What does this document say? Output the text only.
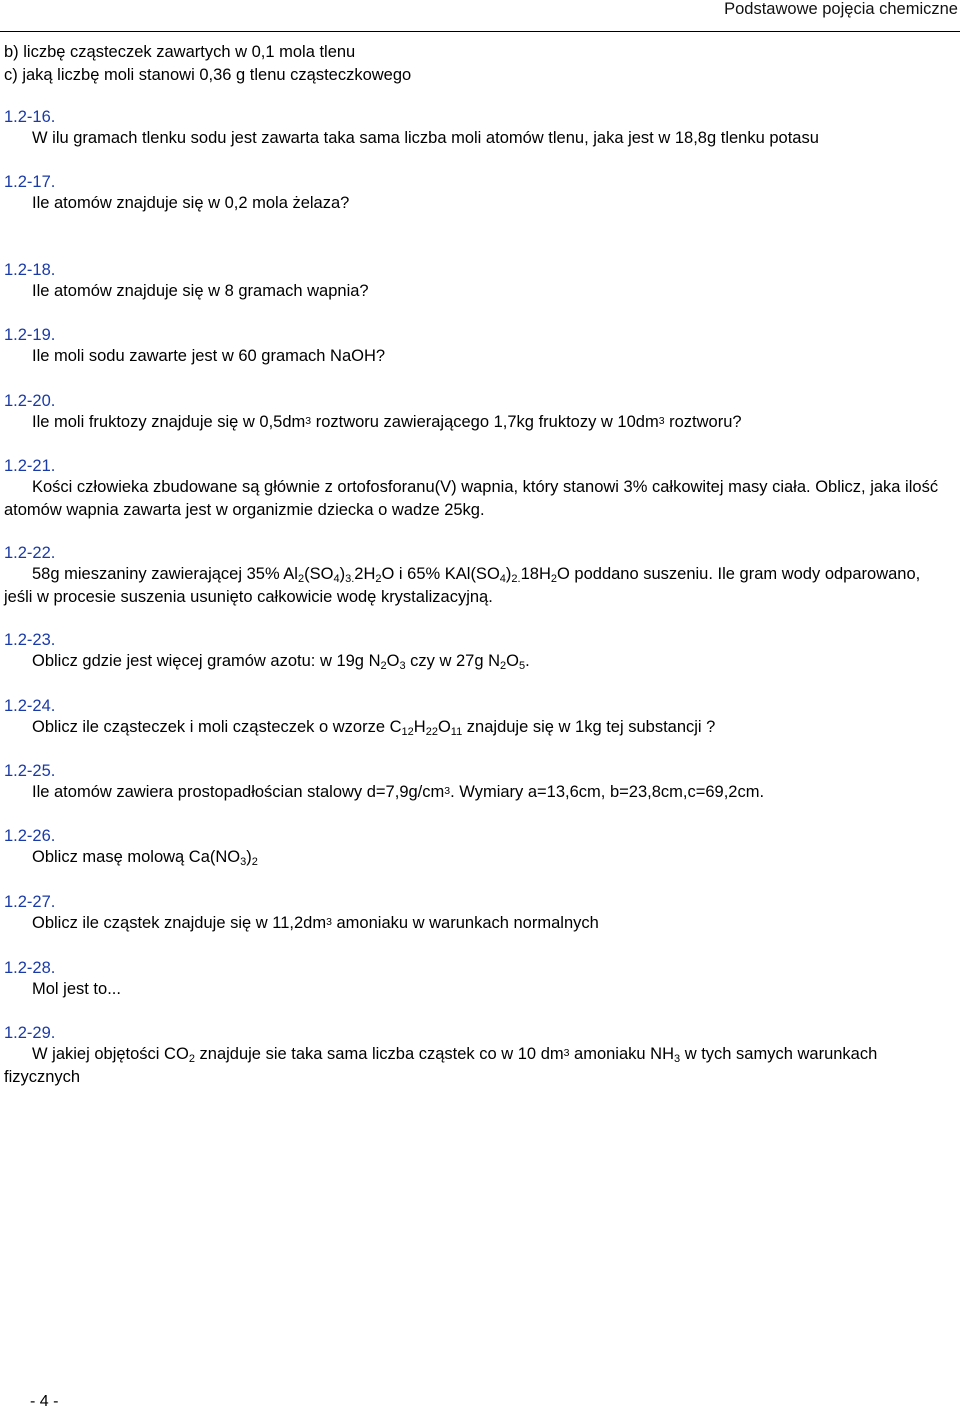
Podstawowe pojęcia chemiczne
b) liczbę cząsteczek zawartych w 0,1 mola tlenu
c) jaką liczbę moli stanowi 0,36 g tlenu cząsteczkowego
1.2-16.
W ilu gramach tlenku sodu jest zawarta taka sama liczba moli atomów tlenu, jaka jest w 18,8g tlenku potasu
1.2-17.
Ile atomów znajduje się w 0,2 mola żelaza?
1.2-18.
Ile atomów znajduje się w 8 gramach wapnia?
1.2-19.
Ile moli sodu zawarte jest w 60 gramach NaOH?
1.2-20.
Ile moli fruktozy znajduje się w $0,5dm^3$ roztworu zawierającego 1,7kg fruktozy w $10dm^3$ roztworu?
1.2-21.
Kości człowieka zbudowane są głównie z ortofosforanu(V) wapnia, który stanowi 3% całkowitej masy ciała. Oblicz, jaka ilość atomów wapnia zawarta jest w organizmie dziecka o wadze 25kg.
1.2-22.
58g mieszaniny zawierającej 35% $Al_2(SO_4)_{3.}2H_2O$ i 65% $KAl(SO_4)_{2.}18H_2O$ poddano suszeniu. Ile gram wody odparowano, jeśli w procesie suszenia usunięto całkowicie wodę krystalizacyjną.
1.2-23.
Oblicz gdzie jest więcej gramów azotu: w 19g $N_2O_3$ czy w 27g $N_2O_5$.
1.2-24.
Oblicz ile cząsteczek i moli cząsteczek o wzorze $C_{12}H_{22}O_{11}$ znajduje się w 1kg tej substancji ?
1.2-25.
Ile atomów zawiera prostopadłościan stalowy $d=7,9g/cm^3$. Wymiary a=13,6cm, b=23,8cm,c=69,2cm.
1.2-26.
Oblicz masę molową $Ca(NO_3)_2$
1.2-27.
Oblicz ile cząstek znajduje się w $11,2dm^3$ amoniaku w warunkach normalnych
1.2-28.
Mol jest to...
1.2-29.
W jakiej objętości $CO_2$ znajduje sie taka sama liczba cząstek co w 10 $dm^3$ amoniaku $NH_3$ w tych samych warunkach fizycznych
- 4 -
